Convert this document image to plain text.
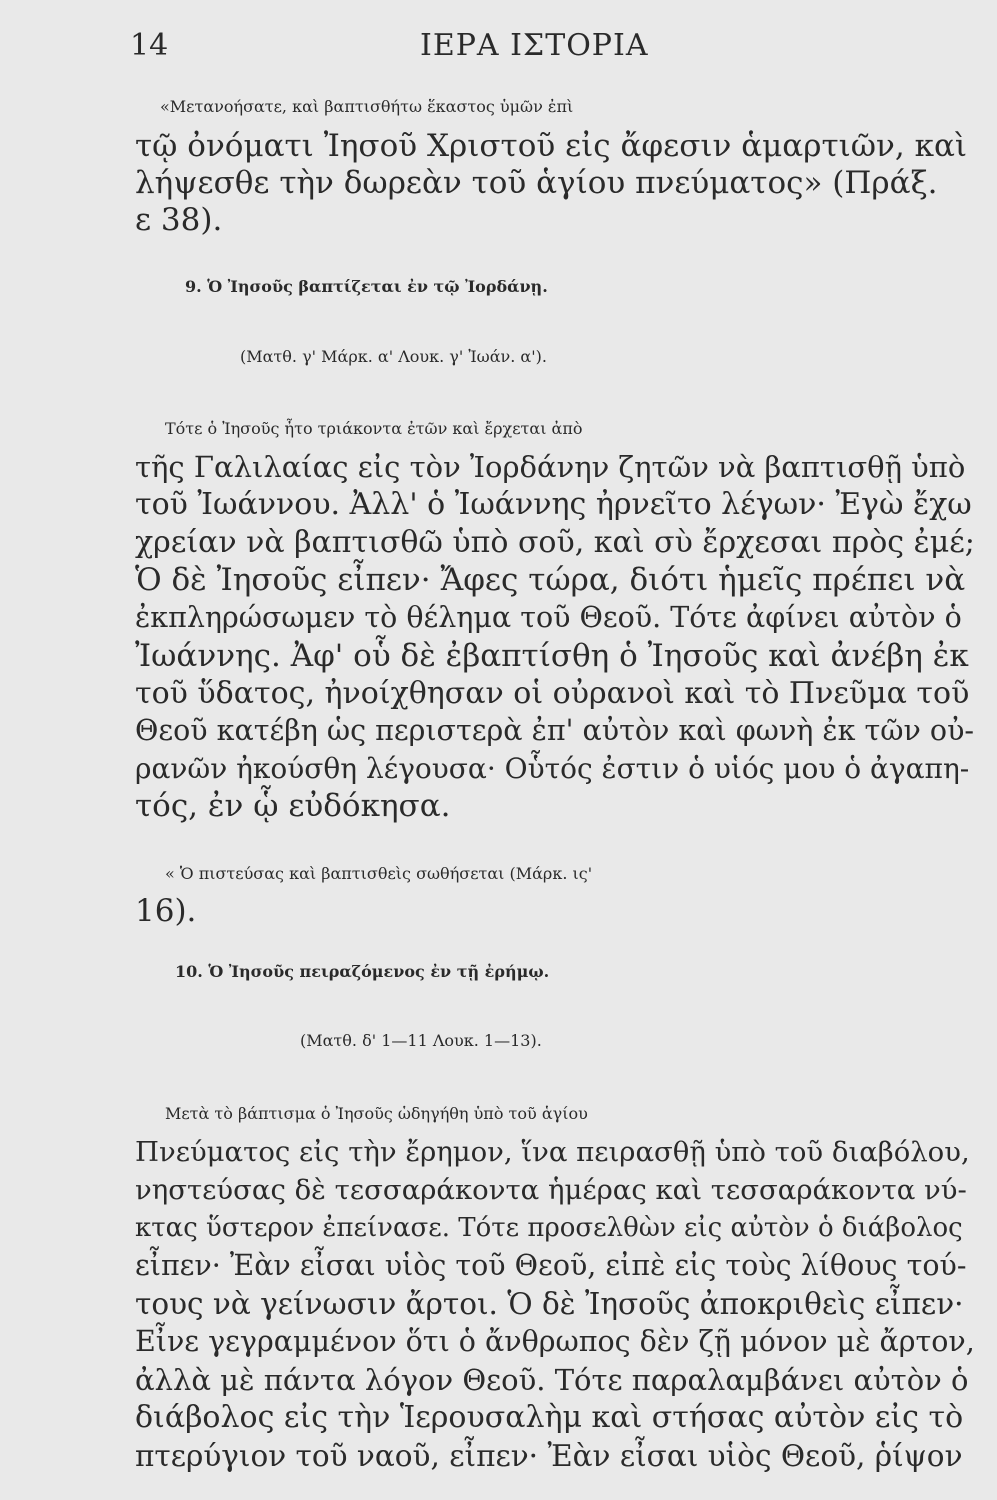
14	ΙΕΡΑ ΙΣΤΟΡΙΑ
«Μετανοήσατε, καὶ βαπτισθήτω ἕκαστος ὑμῶν ἐπὶ
τῷ ὀνόματι Ἰησοῦ Χριστοῦ εἰς ἄφεσιν ἁμαρτιῶν, καὶ
λήψεσθε τὴν δωρεὰν τοῦ ἁγίου πνεύματος» (Πράξ.
ε 38).
9. Ὁ Ἰησοῦς βαπτίζεται ἐν τῷ Ἰορδάνῃ.
(Ματθ. γ' Μάρκ. α' Λουκ. γ' Ἰωάν. α').
Τότε ὁ Ἰησοῦς ἦτο τριάκοντα ἐτῶν καὶ ἔρχεται ἀπὸ
τῆς Γαλιλαίας εἰς τὸν Ἰορδάνην ζητῶν νὰ βαπτισθῇ ὑπὸ
τοῦ Ἰωάννου. Ἀλλ' ὁ Ἰωάννης ἠρνεῖτο λέγων· Ἐγὼ ἔχω
χρείαν νὰ βαπτισθῶ ὑπὸ σοῦ, καὶ σὺ ἔρχεσαι πρὸς ἐμέ;
Ὁ δὲ Ἰησοῦς εἶπεν· Ἄφες τώρα, διότι ἡμεῖς πρέπει νὰ
ἐκπληρώσωμεν τὸ θέλημα τοῦ Θεοῦ. Τότε ἀφίνει αὐτὸν ὁ
Ἰωάννης. Ἀφ' οὗ δὲ ἐβαπτίσθη ὁ Ἰησοῦς καὶ ἀνέβη ἐκ
τοῦ ὕδατος, ἠνοίχθησαν οἱ οὐρανοὶ καὶ τὸ Πνεῦμα τοῦ
Θεοῦ κατέβη ὡς περιστερὰ ἐπ' αὐτὸν καὶ φωνὴ ἐκ τῶν οὐ-
ρανῶν ἠκούσθη λέγουσα· Οὗτός ἐστιν ὁ υἱός μου ὁ ἀγαπη-
τός, ἐν ᾧ εὐδόκησα.
« Ὁ πιστεύσας καὶ βαπτισθεὶς σωθήσεται (Μάρκ. ις'
16).
10. Ὁ Ἰησοῦς πειραζόμενος ἐν τῇ ἐρήμῳ.
(Ματθ. δ' 1—11 Λουκ. 1—13).
Μετὰ τὸ βάπτισμα ὁ Ἰησοῦς ὡδηγήθη ὑπὸ τοῦ ἁγίου
Πνεύματος εἰς τὴν ἔρημον, ἵνα πειρασθῇ ὑπὸ τοῦ διαβόλου,
νηστεύσας δὲ τεσσαράκοντα ἡμέρας καὶ τεσσαράκοντα νύ-
κτας ὕστερον ἐπείνασε. Τότε προσελθὼν εἰς αὐτὸν ὁ διάβολος
εἶπεν· Ἐὰν εἶσαι υἱὸς τοῦ Θεοῦ, εἰπὲ εἰς τοὺς λίθους τού-
τους νὰ γείνωσιν ἄρτοι. Ὁ δὲ Ἰησοῦς ἀποκριθεὶς εἶπεν·
Εἶνε γεγραμμένον ὅτι ὁ ἄνθρωπος δὲν ζῇ μόνον μὲ ἄρτον,
ἀλλὰ μὲ πάντα λόγον Θεοῦ. Τότε παραλαμβάνει αὐτὸν ὁ
διάβολος εἰς τὴν Ἱερουσαλὴμ καὶ στήσας αὐτὸν εἰς τὸ
πτερύγιον τοῦ ναοῦ, εἶπεν· Ἐὰν εἶσαι υἱὸς Θεοῦ, ῥίψον
